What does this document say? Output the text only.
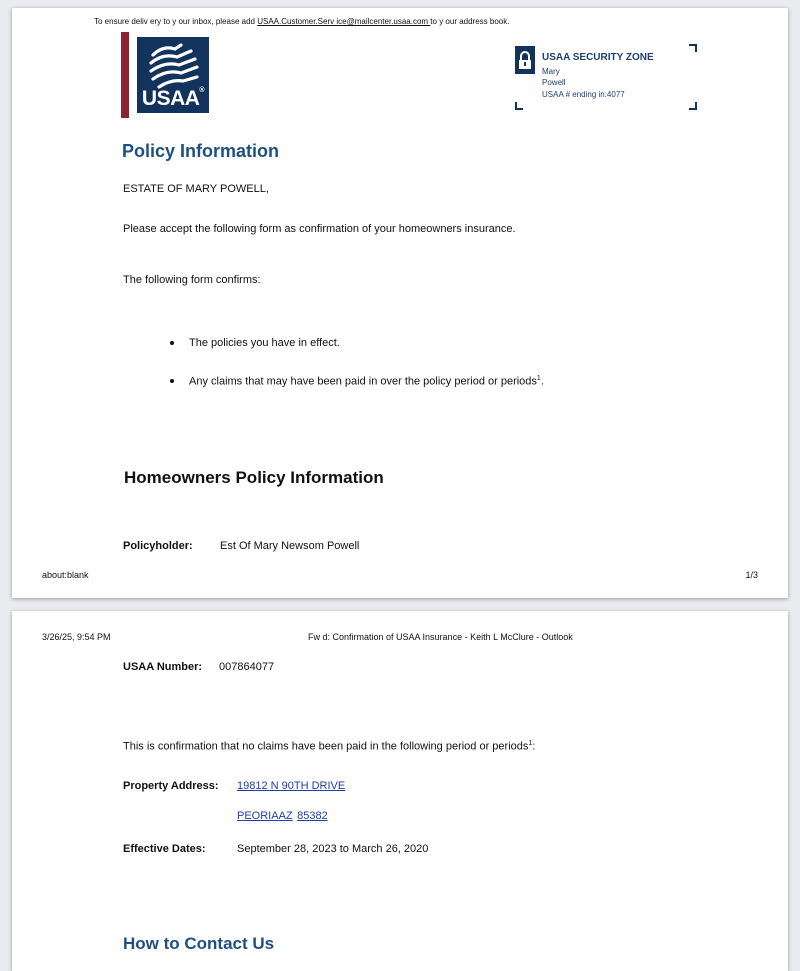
To ensure deliv ery to y our inbox, please add USAA.Customer.Serv ice@mailcenter.usaa.com to y our address book.
USAA®
USAA SECURITY ZONE
Mary
Powell
USAA # ending in:4077
Policy Information
ESTATE OF MARY POWELL,
Please accept the following form as confirmation of your homeowners insurance.
The following form confirms:
The policies you have in effect.
Any claims that may have been paid in over the policy period or periods$^1$.
Homeowners Policy Information
Policyholder: Est Of Mary Newsom Powell
about:blank	1/3
3/26/25, 9:54 PM	Fw d: Confirmation of USAA Insurance - Keith L McClure - Outlook
USAA Number: 007864077
This is confirmation that no claims have been paid in the following period or periods$^1$:
Property Address: 19812 N 90TH DRIVE
PEORIAAZ 85382
Effective Dates:	September 28, 2023 to March 26, 2020
How to Contact Us
